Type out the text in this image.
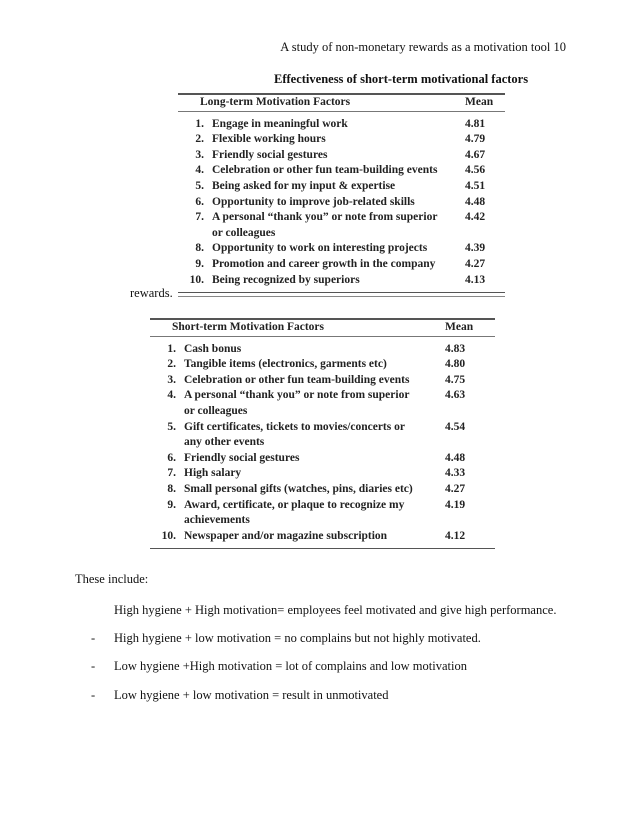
A study of non-monetary rewards as a motivation tool 10
Effectiveness of short-term motivational factors
Long-term Motivation Factors		Mean
1.	Engage in meaningful work	4.81
2.	Flexible working hours	4.79
3.	Friendly social gestures	4.67
4.	Celebration or other fun team-building events	4.56
5.	Being asked for my input & expertise	4.51
6.	Opportunity to improve job-related skills	4.48
7.	A personal “thank you” or note from superior	4.42
	or colleagues	
8.	Opportunity to work on interesting projects	4.39
9.	Promotion and career growth in the company	4.27
10.	Being recognized by superiors	4.13
rewards.
Short-term Motivation Factors		Mean
1.	Cash bonus	4.83
2.	Tangible items (electronics, garments etc)	4.80
3.	Celebration or other fun team-building events	4.75
4.	A personal “thank you” or note from superior	4.63
	or colleagues	
5.	Gift certificates, tickets to movies/concerts or	4.54
	any other events	
6.	Friendly social gestures	4.48
7.	High salary	4.33
8.	Small personal gifts (watches, pins, diaries etc)	4.27
9.	Award, certificate, or plaque to recognize my	4.19
	achievements	
10.	Newspaper and/or magazine subscription	4.12
These include:
High hygiene + High motivation= employees feel motivated and give high performance.
- High hygiene + low motivation = no complains but not highly motivated.
- Low hygiene +High motivation = lot of complains and low motivation
- Low hygiene + low motivation = result in unmotivated
